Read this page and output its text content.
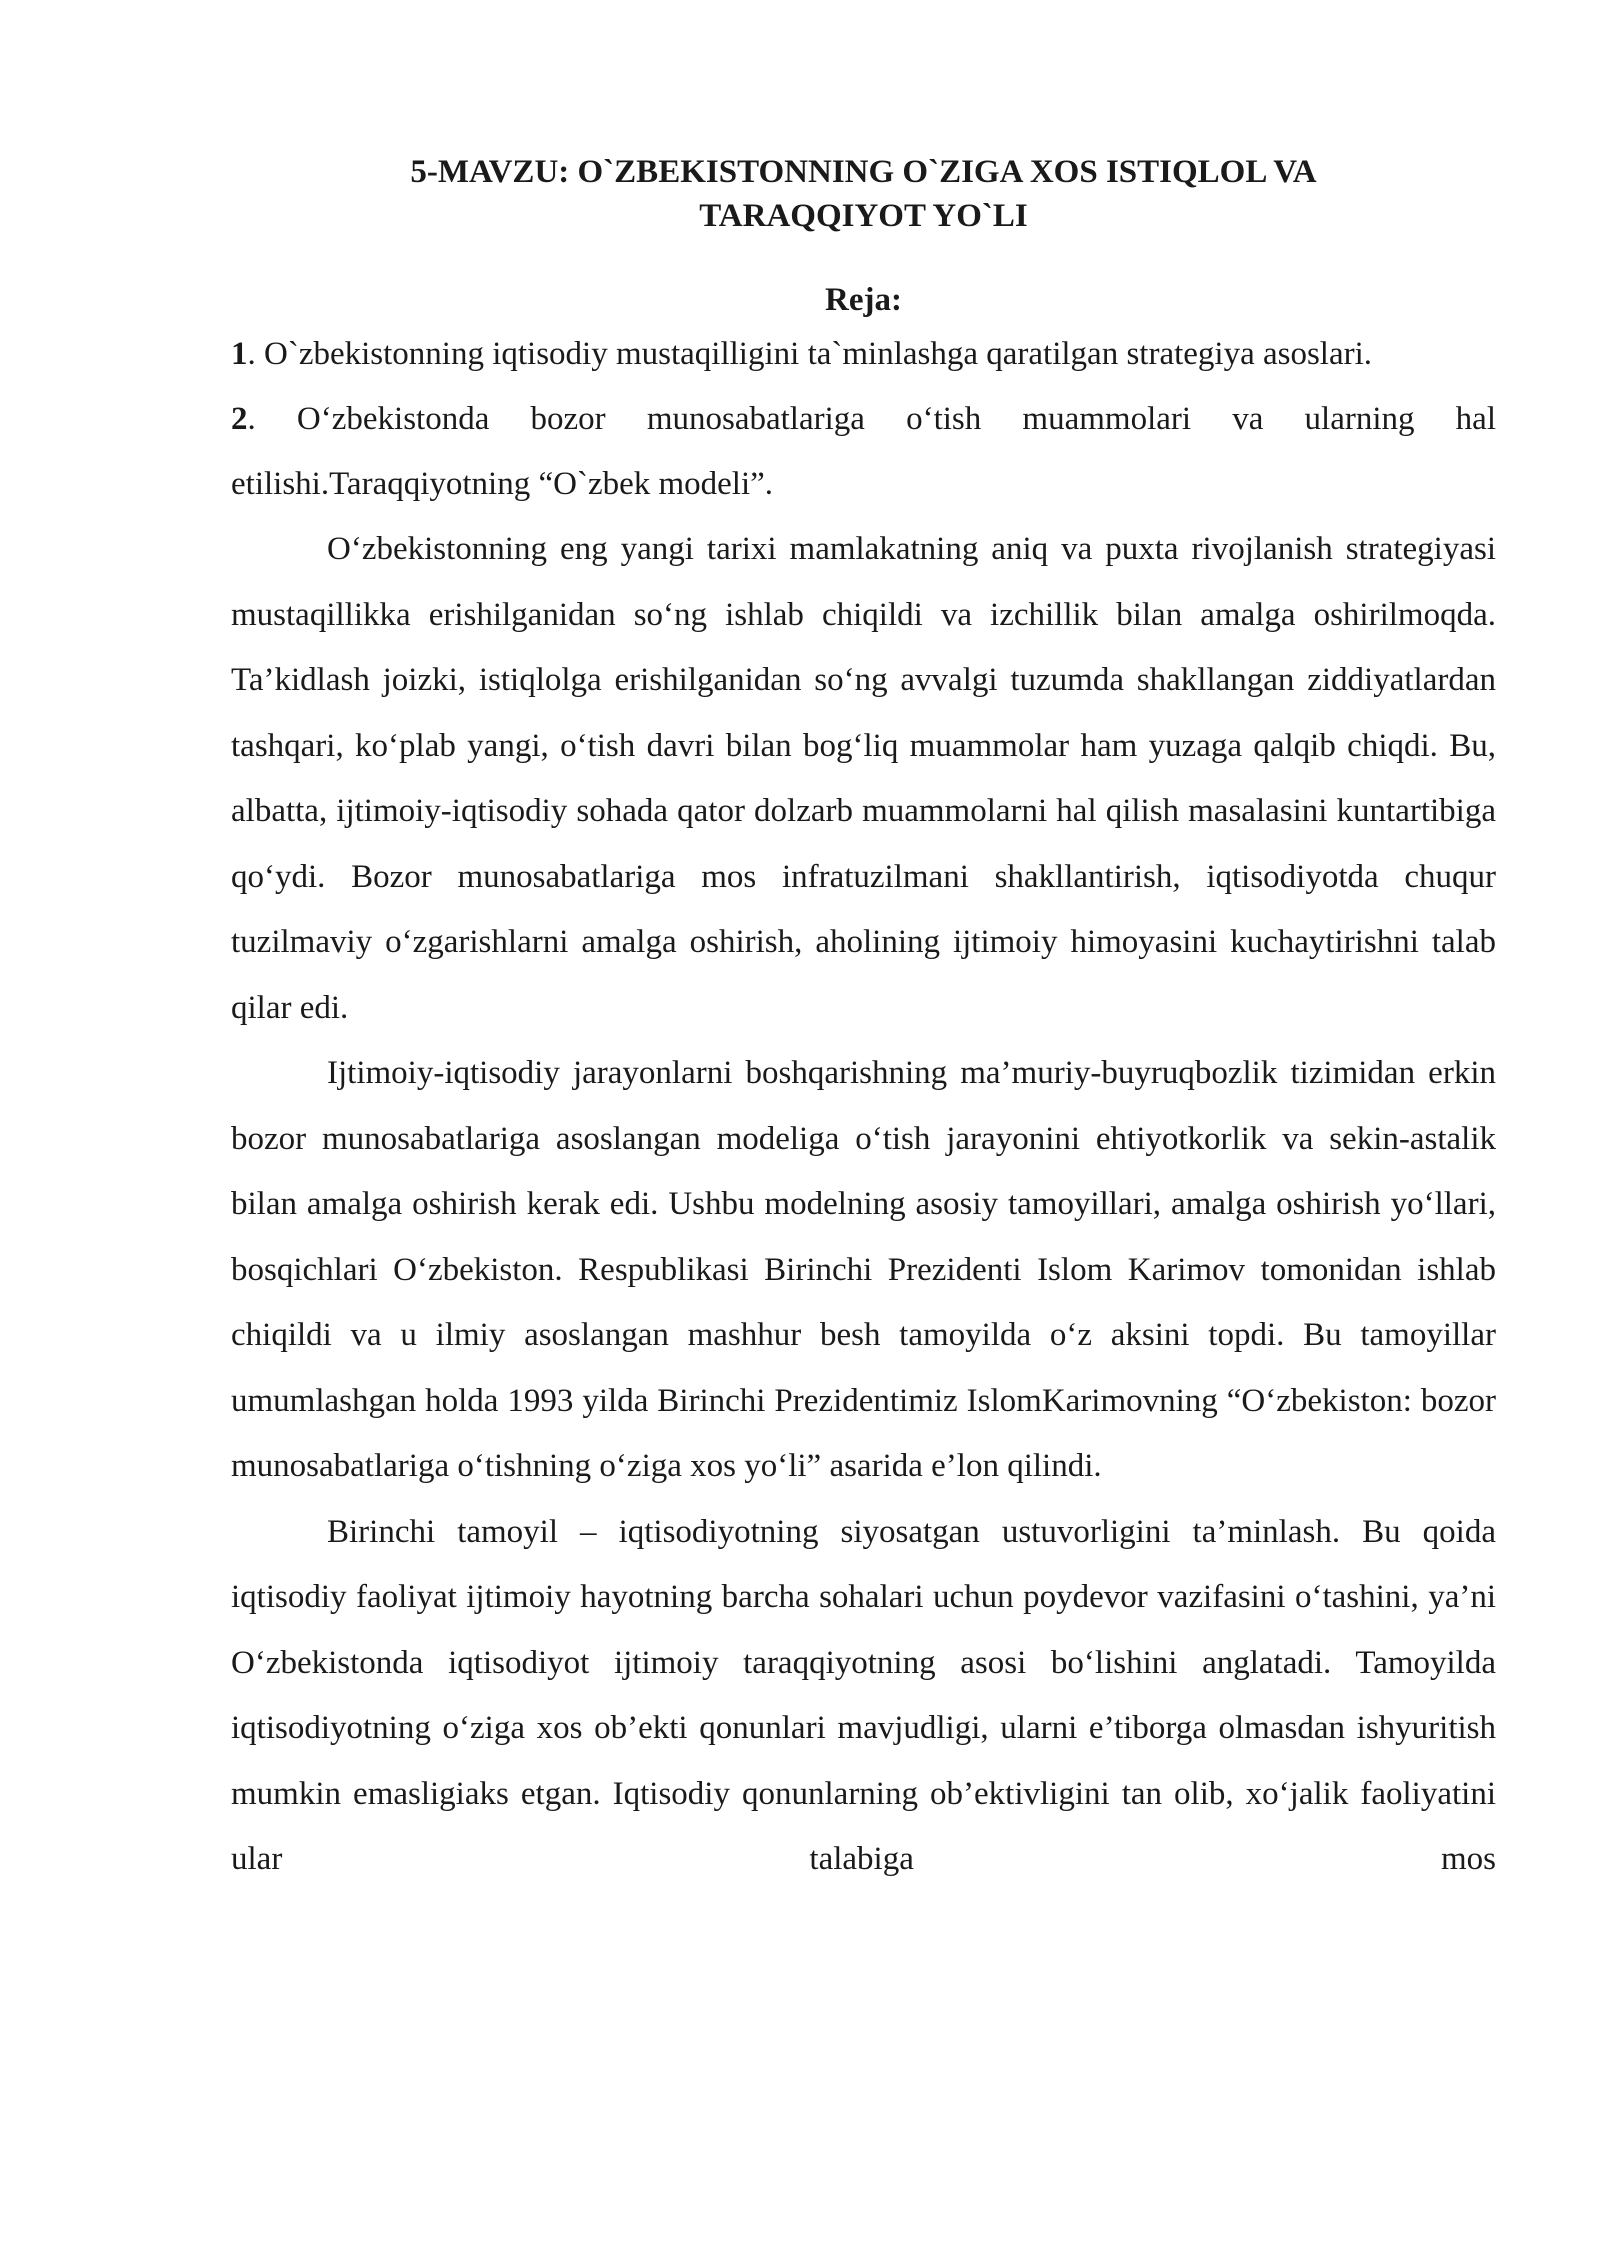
5-MAVZU: O`ZBEKISTONNING O`ZIGA XOS ISTIQLOL VA
TARAQQIYOT YO`LI

Reja:

1. O`zbekistonning iqtisodiy mustaqilligini ta`minlashga qaratilgan strategiya asoslari.

2. O‘zbekistonda bozor munosabatlariga o‘tish muammolari va ularning hal etilishi.Taraqqiyotning “O`zbek modeli”.

O‘zbekistonning eng yangi tarixi mamlakatning aniq va puxta rivojlanish strategiyasi mustaqillikka erishilganidan so‘ng ishlab chiqildi va izchillik bilan amalga oshirilmoqda. Ta’kidlash joizki, istiqlolga erishilganidan so‘ng avvalgi tuzumda shakllangan ziddiyatlardan tashqari, ko‘plab yangi, o‘tish davri bilan bog‘liq muammolar ham yuzaga qalqib chiqdi. Bu, albatta, ijtimoiy-iqtisodiy sohada qator dolzarb muammolarni hal qilish masalasini kuntartibiga qo‘ydi. Bozor munosabatlariga mos infratuzilmani shakllantirish, iqtisodiyotda chuqur tuzilmaviy o‘zgarishlarni amalga oshirish, aholining ijtimoiy himoyasini kuchaytirishni talab qilar edi.

Ijtimoiy-iqtisodiy jarayonlarni boshqarishning ma’muriy-buyruqbozlik tizimidan erkin bozor munosabatlariga asoslangan modeliga o‘tish jarayonini ehtiyotkorlik va sekin-astalik bilan amalga oshirish kerak edi. Ushbu modelning asosiy tamoyillari, amalga oshirish yo‘llari, bosqichlari O‘zbekiston. Respublikasi Birinchi Prezidenti Islom Karimov tomonidan ishlab chiqildi va u ilmiy asoslangan mashhur besh tamoyilda o‘z aksini topdi. Bu tamoyillar umumlashgan holda 1993 yilda Birinchi Prezidentimiz IslomKarimovning “O‘zbekiston: bozor munosabatlariga o‘tishning o‘ziga xos yo‘li” asarida e’lon qilindi.

Birinchi tamoyil – iqtisodiyotning siyosatgan ustuvorligini ta’minlash. Bu qoida iqtisodiy faoliyat ijtimoiy hayotning barcha sohalari uchun poydevor vazifasini o‘tashini, ya’ni O‘zbekistonda iqtisodiyot ijtimoiy taraqqiyotning asosi bo‘lishini anglatadi. Tamoyilda iqtisodiyotning o‘ziga xos ob’ekti qonunlari mavjudligi, ularni e’tiborga olmasdan ishyuritish mumkin emasligiaks etgan. Iqtisodiy qonunlarning ob’ektivligini tan olib, xo‘jalik faoliyatini ular talabiga mos
